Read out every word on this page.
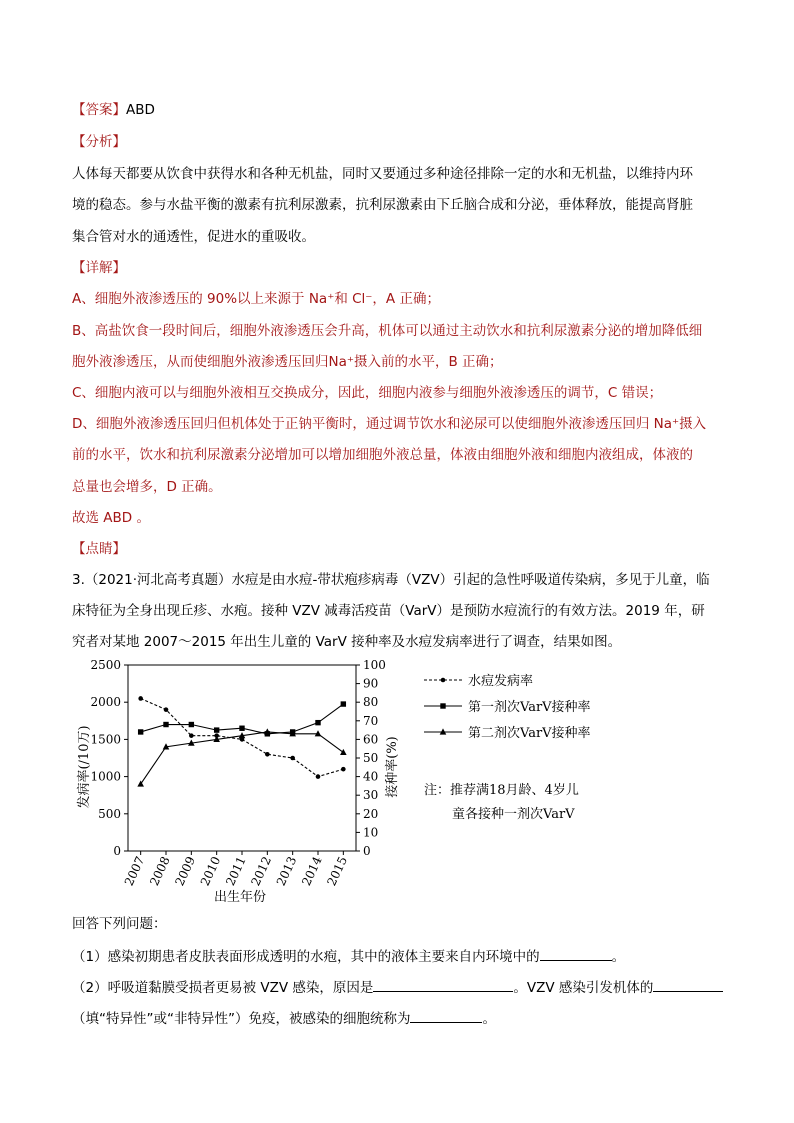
【答案】ABD
【分析】
人体每天都要从饮食中获得水和各种无机盐，同时又要通过多种途径排除一定的水和无机盐，以维持内环
境的稳态。参与水盐平衡的激素有抗利尿激素，抗利尿激素由下丘脑合成和分泌，垂体释放，能提高肾脏
集合管对水的通透性，促进水的重吸收。
【详解】
A、细胞外液渗透压的 90%以上来源于 Na⁺和 Cl⁻，A 正确；
B、高盐饮食一段时间后，细胞外液渗透压会升高，机体可以通过主动饮水和抗利尿激素分泌的增加降低细
胞外液渗透压，从而使细胞外液渗透压回归Na⁺摄入前的水平，B 正确；
C、细胞内液可以与细胞外液相互交换成分，因此，细胞内液参与细胞外液渗透压的调节，C 错误；
D、细胞外液渗透压回归但机体处于正钠平衡时，通过调节饮水和泌尿可以使细胞外液渗透压回归 Na⁺摄入
前的水平，饮水和抗利尿激素分泌增加可以增加细胞外液总量，体液由细胞外液和细胞内液组成，体液的
总量也会增多，D 正确。
故选 ABD 。
【点睛】
3.（2021·河北高考真题）水痘是由水痘-带状疱疹病毒（VZV）引起的急性呼吸道传染病，多见于儿童，临
床特征为全身出现丘疹、水疱。接种 VZV 减毒活疫苗（VarV）是预防水痘流行的有效方法。2019 年，研
究者对某地 2007～2015 年出生儿童的 VarV 接种率及水痘发病率进行了调查，结果如图。
0
500
1000
1500
2000
2500
0
10
20
30
40
50
60
70
80
90
100
2007 2008 2009 2010 2011 2012 2013 2014 2015
水痘发病率
第一剂次VarV接种率
第二剂次VarV接种率
出生年份
发病率(/10万)	接种率(%) 注：推荐满18月龄、4岁儿
童各接种一剂次VarV
回答下列问题：
（1）感染初期患者皮肤表面形成透明的水疱，其中的液体主要来自内环境中的	。
（2）呼吸道黏膜受损者更易被 VZV 感染，原因是	。VZV 感染引发机体的
（填“特异性”或“非特异性”）免疫，被感染的细胞统称为	。
